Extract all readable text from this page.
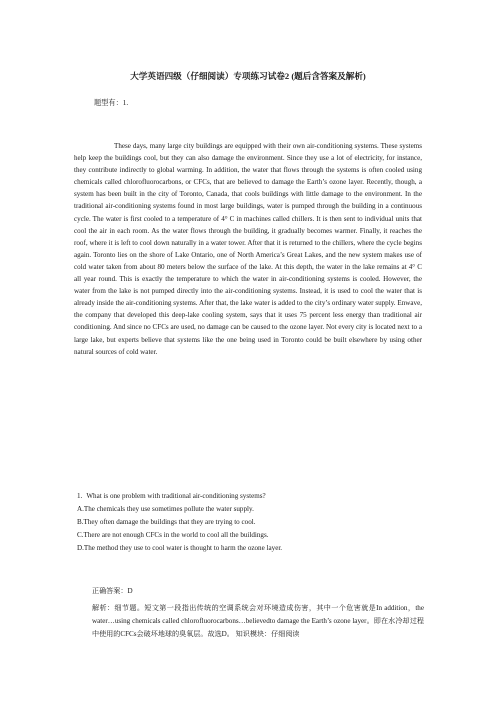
大学英语四级（仔细阅读）专项练习试卷2 (题后含答案及解析)
题型有：1.

These days, many large city buildings are equipped with their own air-conditioning systems. These systems help keep the buildings cool, but they can also damage the environment. Since they use a lot of electricity, for instance, they contribute indirectly to global warming. In addition, the water that flows through the systems is often cooled using chemicals called chlorofluorocarbons, or CFCs, that are believed to damage the Earth’s ozone layer. Recently, though, a system has been built in the city of Toronto, Canada, that cools buildings with little damage to the environment. In the traditional air-conditioning systems found in most large buildings, water is pumped through the building in a continuous cycle. The water is first cooled to a temperature of 4° C in machines called chillers. It is then sent to individual units that cool the air in each room. As the water flows through the building, it gradually becomes warmer. Finally, it reaches the roof, where it is left to cool down naturally in a water tower. After that it is returned to the chillers, where the cycle begins again. Toronto lies on the shore of Lake Ontario, one of North America’s Great Lakes, and the new system makes use of cold water taken from about 80 meters below the surface of the lake. At this depth, the water in the lake remains at 4° C all year round. This is exactly the temperature to which the water in air-conditioning systems is cooled. However, the water from the lake is not pumped directly into the air-conditioning systems. Instead, it is used to cool the water that is already inside the air-conditioning systems. After that, the lake water is added to the city’s ordinary water supply. Enwave, the company that developed this deep-lake cooling system, says that it uses 75 percent less energy than traditional air conditioning. And since no CFCs are used, no damage can be caused to the ozone layer. Not every city is located next to a large lake, but experts believe that systems like the one being used in Toronto could be built elsewhere by using other natural sources of cold water.

1. What is one problem with traditional air-conditioning systems?
A.The chemicals they use sometimes pollute the water supply.
B.They often damage the buildings that they are trying to cool.
C.There are not enough CFCs in the world to cool all the buildings.
D.The method they use to cool water is thought to harm the ozone layer.
正确答案：D

解析：细节题。短文第一段指出传统的空调系统会对环境造成伤害，其中一个危害就是In addition，the water…using chemicals called chlorofluorocarbons…believedto damage the Earth’s ozone layer。即在水冷却过程中使用的CFCs会破坏地球的臭氧层。故选D。 知识模块：仔细阅读
